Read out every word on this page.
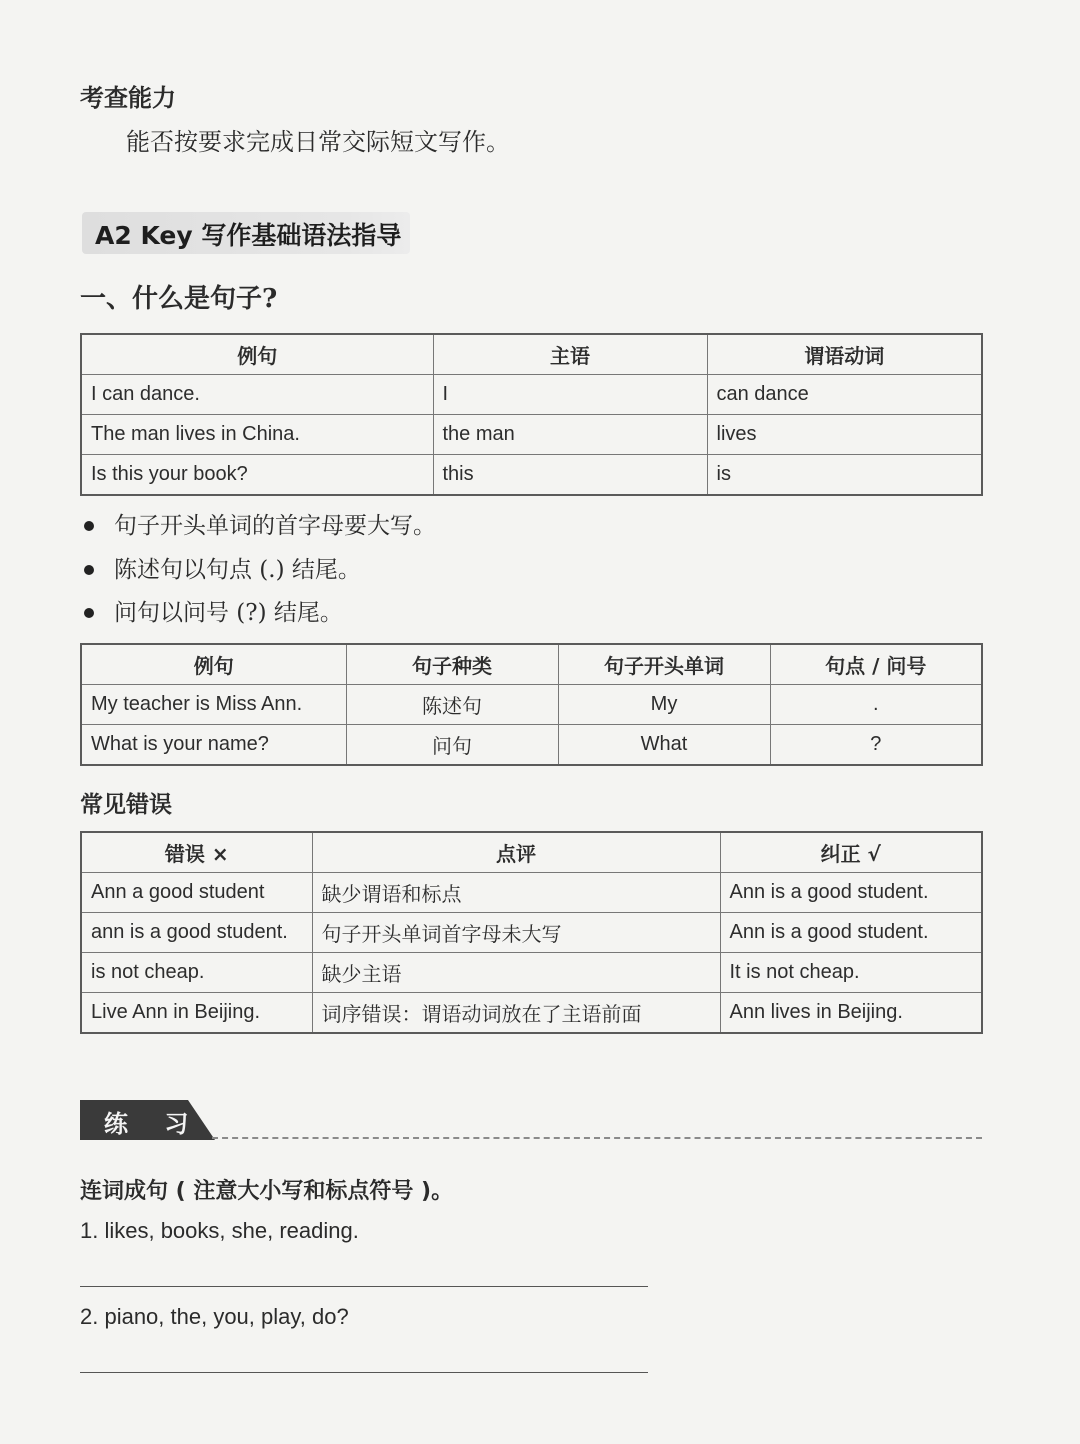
考查能力
能否按要求完成日常交际短文写作。
A2 Key 写作基础语法指导
一、什么是句子?
例句	主语	谓语动词
I can dance.	I	can dance
The man lives in China.	the man	lives
Is this your book?	this	is
句子开头单词的首字母要大写。
陈述句以句点 (.) 结尾。
问句以问号 (?) 结尾。
例句	句子种类	句子开头单词	句点 / 问号
My teacher is Miss Ann.	陈述句	My	.
What is your name?	问句	What	?
常见错误
错误 ×	点评	纠正 √
Ann a good student	缺少谓语和标点	Ann is a good student.
ann is a good student.	句子开头单词首字母未大写	Ann is a good student.
is not cheap.	缺少主语	It is not cheap.
Live Ann in Beijing.	词序错误：谓语动词放在了主语前面	Ann lives in Beijing.
练 习
连词成句 ( 注意大小写和标点符号 )。
1. likes, books, she, reading.
2. piano, the, you, play, do?
